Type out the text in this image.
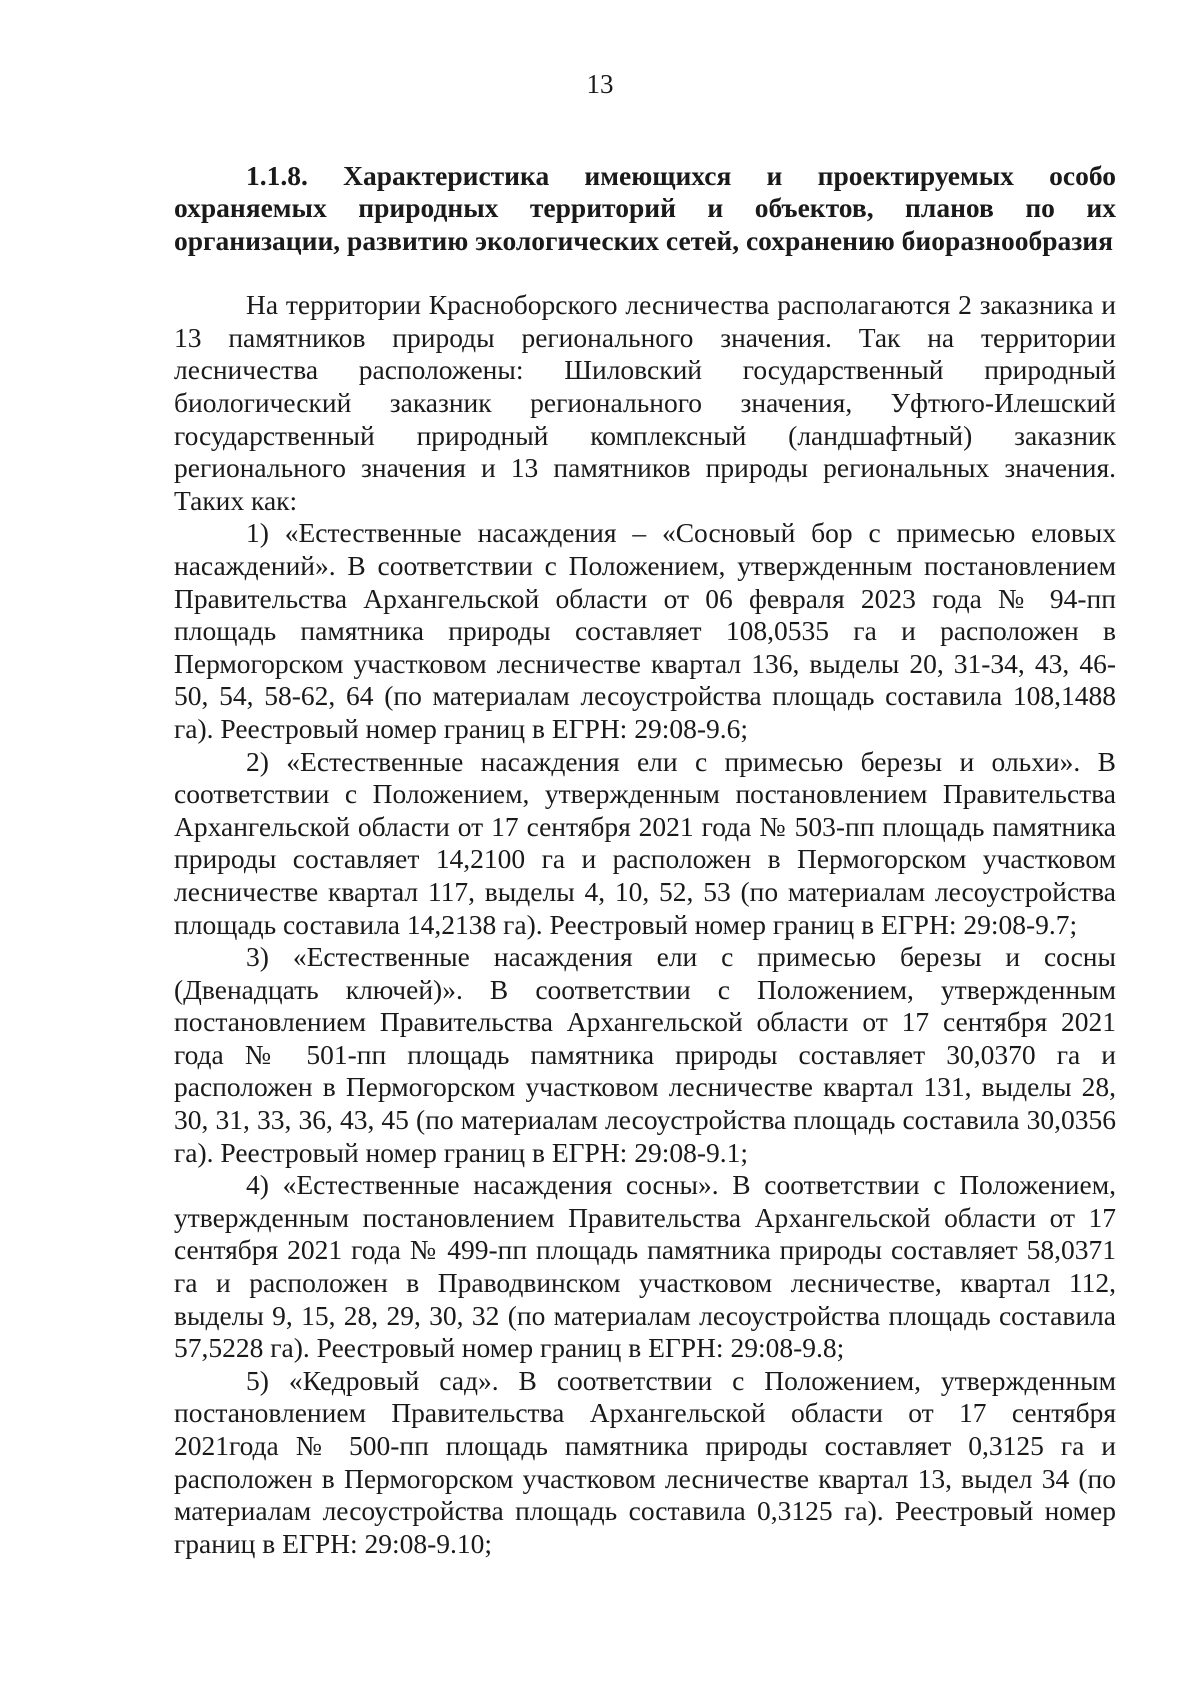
13

1.1.8. Характеристика имеющихся и проектируемых особо охраняемых природных территорий и объектов, планов по их организации, развитию экологических сетей, сохранению биоразнообразия

На территории Красноборского лесничества располагаются 2 заказника и 13 памятников природы регионального значения. Так на территории лесничества расположены: Шиловский государственный природный биологический заказник регионального значения, Уфтюго-Илешский государственный природный комплексный (ландшафтный) заказник регионального значения и 13 памятников природы региональных значения. Таких как:

1) «Естественные насаждения – «Сосновый бор с примесью еловых насаждений». В соответствии с Положением, утвержденным постановлением Правительства Архангельской области от 06 февраля 2023 года № 94-пп площадь памятника природы составляет 108,0535 га и расположен в Пермогорском участковом лесничестве квартал 136, выделы 20, 31-34, 43, 46-50, 54, 58-62, 64 (по материалам лесоустройства площадь составила 108,1488 га). Реестровый номер границ в ЕГРН: 29:08-9.6;

2) «Естественные насаждения ели с примесью березы и ольхи». В соответствии с Положением, утвержденным постановлением Правительства Архангельской области от 17 сентября 2021 года № 503-пп площадь памятника природы составляет 14,2100 га и расположен в Пермогорском участковом лесничестве квартал 117, выделы 4, 10, 52, 53 (по материалам лесоустройства площадь составила 14,2138 га). Реестровый номер границ в ЕГРН: 29:08-9.7;

3) «Естественные насаждения ели с примесью березы и сосны (Двенадцать ключей)». В соответствии с Положением, утвержденным постановлением Правительства Архангельской области от 17 сентября 2021 года № 501-пп площадь памятника природы составляет 30,0370 га и расположен в Пермогорском участковом лесничестве квартал 131, выделы 28, 30, 31, 33, 36, 43, 45 (по материалам лесоустройства площадь составила 30,0356 га). Реестровый номер границ в ЕГРН: 29:08-9.1;

4) «Естественные насаждения сосны». В соответствии с Положением, утвержденным постановлением Правительства Архангельской области от 17 сентября 2021 года № 499-пп площадь памятника природы составляет 58,0371 га и расположен в Праводвинском участковом лесничестве, квартал 112, выделы 9, 15, 28, 29, 30, 32 (по материалам лесоустройства площадь составила 57,5228 га). Реестровый номер границ в ЕГРН: 29:08-9.8;

5) «Кедровый сад». В соответствии с Положением, утвержденным постановлением Правительства Архангельской области от 17 сентября 2021года № 500-пп площадь памятника природы составляет 0,3125 га и расположен в Пермогорском участковом лесничестве квартал 13, выдел 34 (по материалам лесоустройства площадь составила 0,3125 га). Реестровый номер границ в ЕГРН: 29:08-9.10;
